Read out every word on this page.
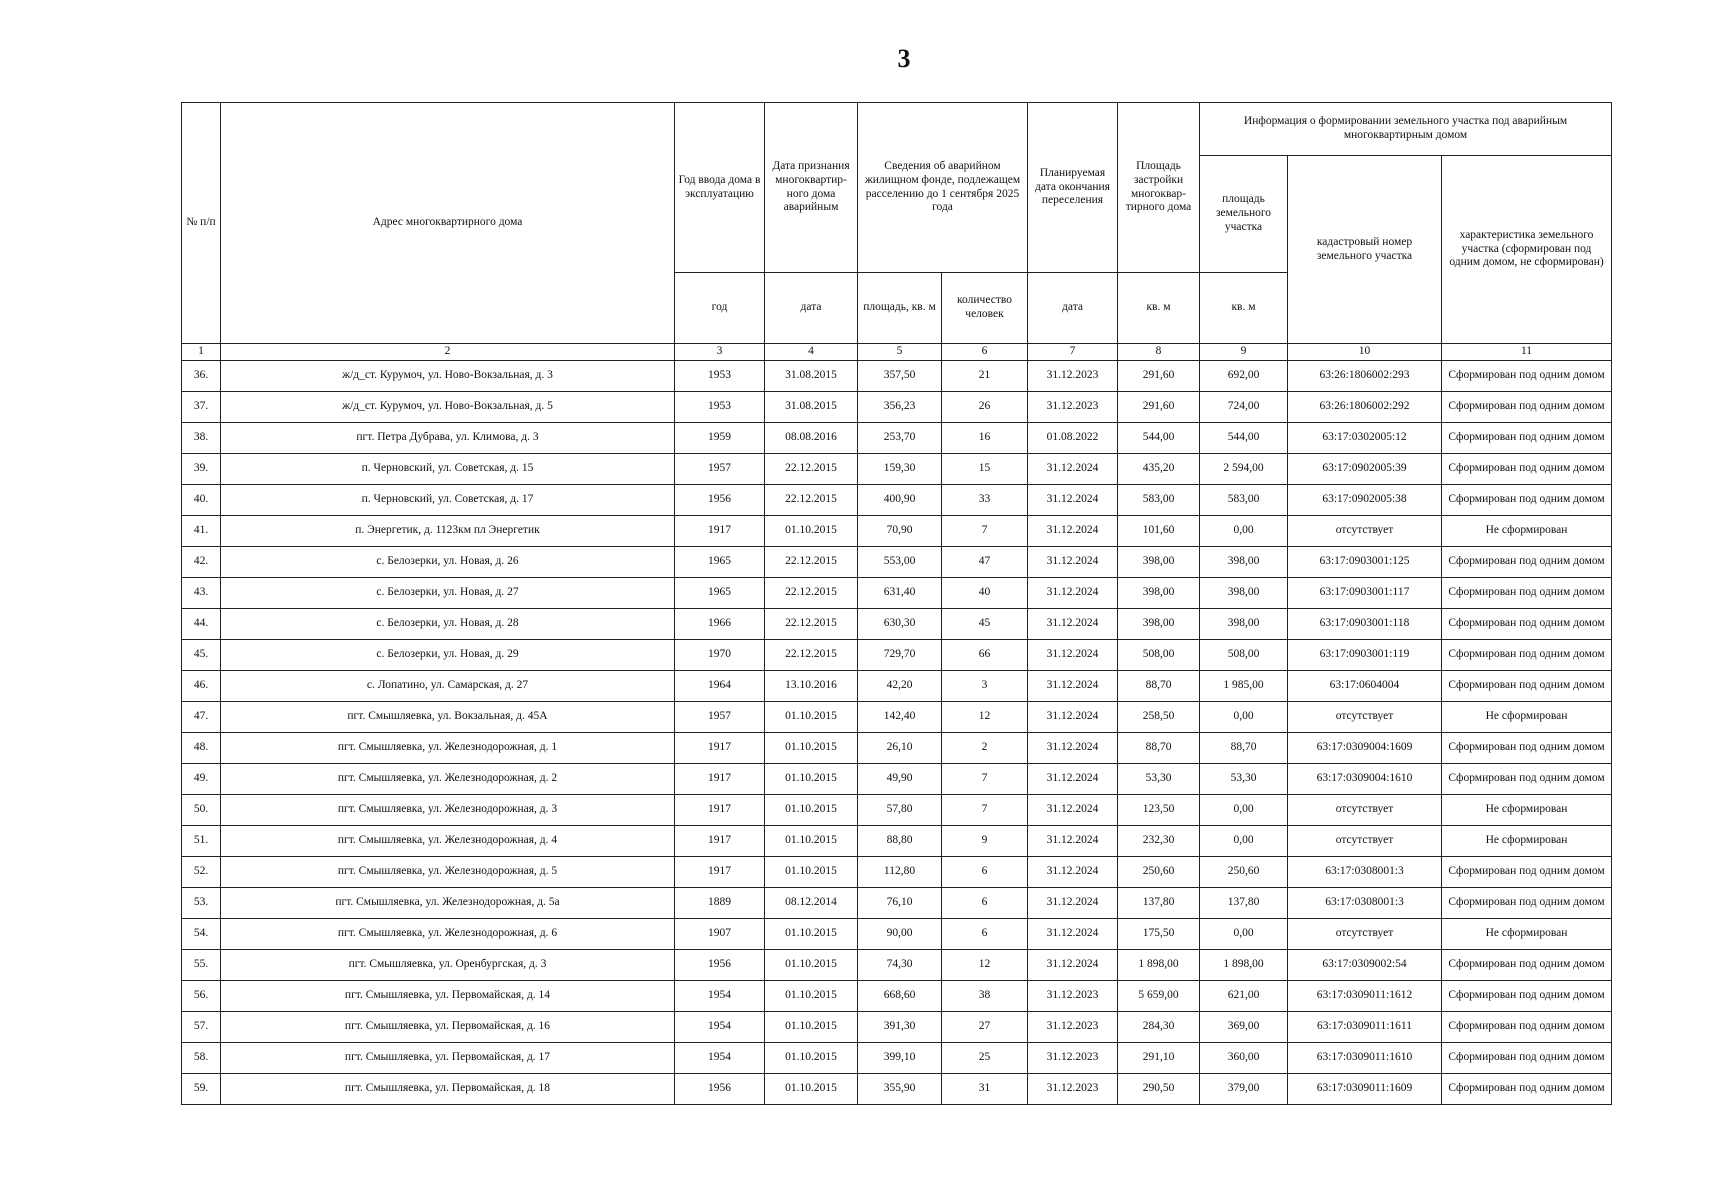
3
№ п/п	Адрес многоквартирного дома	Год ввода дома в эксплуатацию	Дата признания многоквартир-ного дома аварийным	Сведения об аварийном жилищном фонде, подлежащем расселению до 1 сентября 2025 года		Планируемая дата окончания переселения	Площадь застройки многоквар-тирного дома	Информация о формировании земельного участка под аварийным многоквартирным домом		
								площадь земельного участка	кадастровый номер земельного участка	характеристика земельного участка (сформирован под одним домом, не сформирован)
		год	дата	площадь, кв. м	количество человек	дата	кв. м	кв. м		
1	2	3	4	5	6	7	8	9	10	11
36.	ж/д_ст. Курумоч, ул. Ново-Вокзальная, д. 3	1953	31.08.2015	357,50	21	31.12.2023	291,60	692,00	63:26:1806002:293	Сформирован под одним домом
37.	ж/д_ст. Курумоч, ул. Ново-Вокзальная, д. 5	1953	31.08.2015	356,23	26	31.12.2023	291,60	724,00	63:26:1806002:292	Сформирован под одним домом
38.	пгт. Петра Дубрава, ул. Климова, д. 3	1959	08.08.2016	253,70	16	01.08.2022	544,00	544,00	63:17:0302005:12	Сформирован под одним домом
39.	п. Черновский, ул. Советская, д. 15	1957	22.12.2015	159,30	15	31.12.2024	435,20	2 594,00	63:17:0902005:39	Сформирован под одним домом
40.	п. Черновский, ул. Советская, д. 17	1956	22.12.2015	400,90	33	31.12.2024	583,00	583,00	63:17:0902005:38	Сформирован под одним домом
41.	п. Энергетик, д. 1123км пл Энергетик	1917	01.10.2015	70,90	7	31.12.2024	101,60	0,00	отсутствует	Не сформирован
42.	с. Белозерки, ул. Новая, д. 26	1965	22.12.2015	553,00	47	31.12.2024	398,00	398,00	63:17:0903001:125	Сформирован под одним домом
43.	с. Белозерки, ул. Новая, д. 27	1965	22.12.2015	631,40	40	31.12.2024	398,00	398,00	63:17:0903001:117	Сформирован под одним домом
44.	с. Белозерки, ул. Новая, д. 28	1966	22.12.2015	630,30	45	31.12.2024	398,00	398,00	63:17:0903001:118	Сформирован под одним домом
45.	с. Белозерки, ул. Новая, д. 29	1970	22.12.2015	729,70	66	31.12.2024	508,00	508,00	63:17:0903001:119	Сформирован под одним домом
46.	с. Лопатино, ул. Самарская, д. 27	1964	13.10.2016	42,20	3	31.12.2024	88,70	1 985,00	63:17:0604004	Сформирован под одним домом
47.	пгт. Смышляевка, ул. Вокзальная, д. 45А	1957	01.10.2015	142,40	12	31.12.2024	258,50	0,00	отсутствует	Не сформирован
48.	пгт. Смышляевка, ул. Железнодорожная, д. 1	1917	01.10.2015	26,10	2	31.12.2024	88,70	88,70	63:17:0309004:1609	Сформирован под одним домом
49.	пгт. Смышляевка, ул. Железнодорожная, д. 2	1917	01.10.2015	49,90	7	31.12.2024	53,30	53,30	63:17:0309004:1610	Сформирован под одним домом
50.	пгт. Смышляевка, ул. Железнодорожная, д. 3	1917	01.10.2015	57,80	7	31.12.2024	123,50	0,00	отсутствует	Не сформирован
51.	пгт. Смышляевка, ул. Железнодорожная, д. 4	1917	01.10.2015	88,80	9	31.12.2024	232,30	0,00	отсутствует	Не сформирован
52.	пгт. Смышляевка, ул. Железнодорожная, д. 5	1917	01.10.2015	112,80	6	31.12.2024	250,60	250,60	63:17:0308001:3	Сформирован под одним домом
53.	пгт. Смышляевка, ул. Железнодорожная, д. 5а	1889	08.12.2014	76,10	6	31.12.2024	137,80	137,80	63:17:0308001:3	Сформирован под одним домом
54.	пгт. Смышляевка, ул. Железнодорожная, д. 6	1907	01.10.2015	90,00	6	31.12.2024	175,50	0,00	отсутствует	Не сформирован
55.	пгт. Смышляевка, ул. Оренбургская, д. 3	1956	01.10.2015	74,30	12	31.12.2024	1 898,00	1 898,00	63:17:0309002:54	Сформирован под одним домом
56.	пгт. Смышляевка, ул. Первомайская, д. 14	1954	01.10.2015	668,60	38	31.12.2023	5 659,00	621,00	63:17:0309011:1612	Сформирован под одним домом
57.	пгт. Смышляевка, ул. Первомайская, д. 16	1954	01.10.2015	391,30	27	31.12.2023	284,30	369,00	63:17:0309011:1611	Сформирован под одним домом
58.	пгт. Смышляевка, ул. Первомайская, д. 17	1954	01.10.2015	399,10	25	31.12.2023	291,10	360,00	63:17:0309011:1610	Сформирован под одним домом
59.	пгт. Смышляевка, ул. Первомайская, д. 18	1956	01.10.2015	355,90	31	31.12.2023	290,50	379,00	63:17:0309011:1609	Сформирован под одним домом
